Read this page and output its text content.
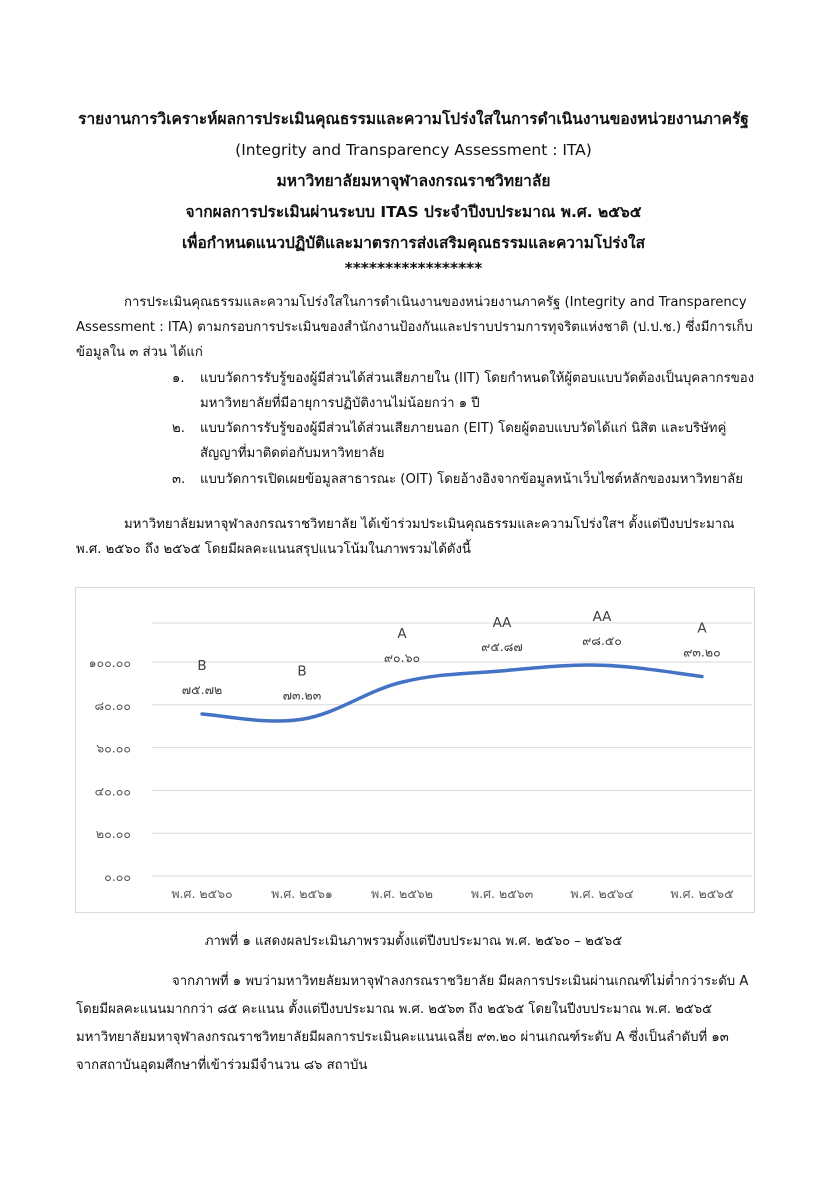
รายงานการวิเคราะห์ผลการประเมินคุณธรรมและความโปร่งใสในการดำเนินงานของหน่วยงานภาครัฐ
(Integrity and Transparency Assessment : ITA)
มหาวิทยาลัยมหาจุฬาลงกรณราชวิทยาลัย
จากผลการประเมินผ่านระบบ ITAS ประจำปีงบประมาณ พ.ศ. ๒๕๖๕
เพื่อกำหนดแนวปฏิบัติและมาตรการส่งเสริมคุณธรรมและความโปร่งใส
*****************
การประเมินคุณธรรมและความโปร่งใสในการดำเนินงานของหน่วยงานภาครัฐ (Integrity and Transparency Assessment : ITA) ตามกรอบการประเมินของสำนักงานป้องกันและปราบปรามการทุจริตแห่งชาติ (ป.ป.ช.) ซึ่งมีการเก็บข้อมูลใน ๓ ส่วน ได้แก่
๑.	แบบวัดการรับรู้ของผู้มีส่วนได้ส่วนเสียภายใน (IIT) โดยกำหนดให้ผู้ตอบแบบวัดต้องเป็นบุคลากรของมหาวิทยาลัยที่มีอายุการปฏิบัติงานไม่น้อยกว่า ๑ ปี
๒.	แบบวัดการรับรู้ของผู้มีส่วนได้ส่วนเสียภายนอก (EIT) โดยผู้ตอบแบบวัดได้แก่ นิสิต และบริษัทคู่สัญญาที่มาติดต่อกับมหาวิทยาลัย
๓.	แบบวัดการเปิดเผยข้อมูลสาธารณะ (OIT) โดยอ้างอิงจากข้อมูลหน้าเว็บไซต์หลักของมหาวิทยาลัย
มหาวิทยาลัยมหาจุฬาลงกรณราชวิทยาลัย ได้เข้าร่วมประเมินคุณธรรมและความโปร่งใสฯ ตั้งแต่ปีงบประมาณ พ.ศ. ๒๕๖๐ ถึง ๒๕๖๕ โดยมีผลคะแนนสรุปแนวโน้มในภาพรวมได้ดังนี้
๐.๐๐
๒๐.๐๐
๔๐.๐๐
๖๐.๐๐
๘๐.๐๐
๑๐๐.๐๐
พ.ศ. ๒๕๖๐	พ.ศ. ๒๕๖๑	พ.ศ. ๒๕๖๒	พ.ศ. ๒๕๖๓	พ.ศ. ๒๕๖๔	พ.ศ. ๒๕๖๕
๗๕.๗๒
B
๗๓.๒๓
B
๙๐.๖๐
A
๙๕.๘๗
AA
๙๘.๕๐
AA
๙๓.๒๐
A
ภาพที่ ๑ แสดงผลประเมินภาพรวมตั้งแต่ปีงบประมาณ พ.ศ. ๒๕๖๐ – ๒๕๖๕
จากภาพที่ ๑ พบว่ามหาวิทยลัยมหาจุฬาลงกรณราชวิยาลัย มีผลการประเมินผ่านเกณฑ์ไม่ต่ำกว่าระดับ A โดยมีผลคะแนนมากกว่า ๘๕ คะแนน ตั้งแต่ปีงบประมาณ พ.ศ. ๒๕๖๓ ถึง ๒๕๖๕ โดยในปีงบประมาณ พ.ศ. ๒๕๖๕ มหาวิทยาลัยมหาจุฬาลงกรณราชวิทยาลัยมีผลการประเมินคะแนนเฉลี่ย ๙๓.๒๐ ผ่านเกณฑ์ระดับ A ซึ่งเป็นลำดับที่ ๑๓ จากสถาบันอุดมศึกษาที่เข้าร่วมมีจำนวน ๘๖ สถาบัน
